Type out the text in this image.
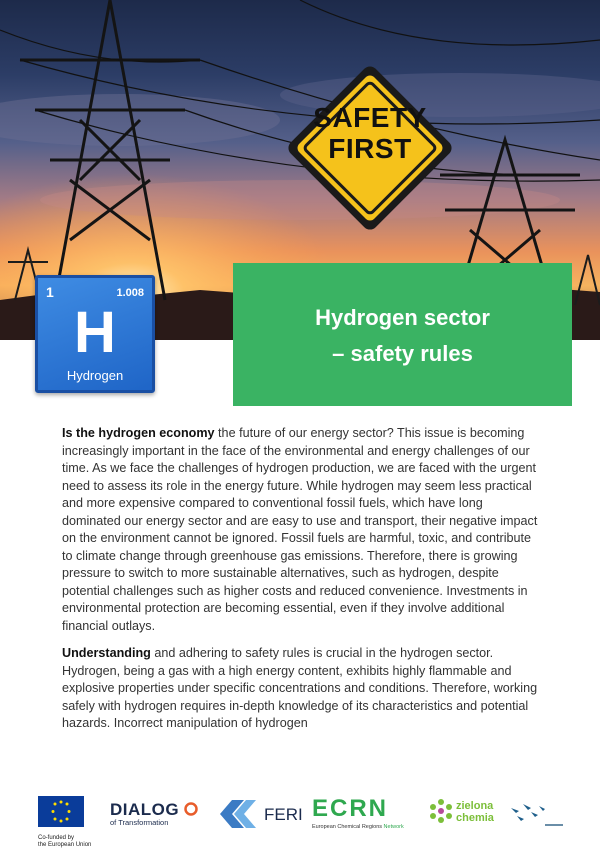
SAFETY
FIRST
1	1.008
H
Hydrogen
Hydrogen sector
– safety rules

Is the hydrogen economy the future of our energy sector? This issue is becoming increasingly important in the face of the environmental and energy challenges of our time. As we face the challenges of hydrogen production, we are faced with the urgent need to assess its role in the energy future. While hydrogen may seem less practical and more expensive compared to conventional fossil fuels, which have long dominated our energy sector and are easy to use and transport, their negative impact on the environment cannot be ignored. Fossil fuels are harmful, toxic, and contribute to climate change through greenhouse gas emissions. Therefore, there is growing pressure to switch to more sustainable alternatives, such as hydrogen, despite potential challenges such as higher costs and reduced convenience. Investments in environmental protection are becoming essential, even if they involve additional financial outlays.

Understanding and adhering to safety rules is crucial in the hydrogen sector. Hydrogen, being a gas with a high energy content, exhibits highly flammable and explosive properties under specific concentrations and conditions. Therefore, working safely with hydrogen requires in-depth knowledge of its characteristics and potential hazards. Incorrect manipulation of hydrogen

Co-funded by
the European Union
DIALOG
of Transformation	FERI ECRN
European Chemical Regions Network
zielona
chemia
